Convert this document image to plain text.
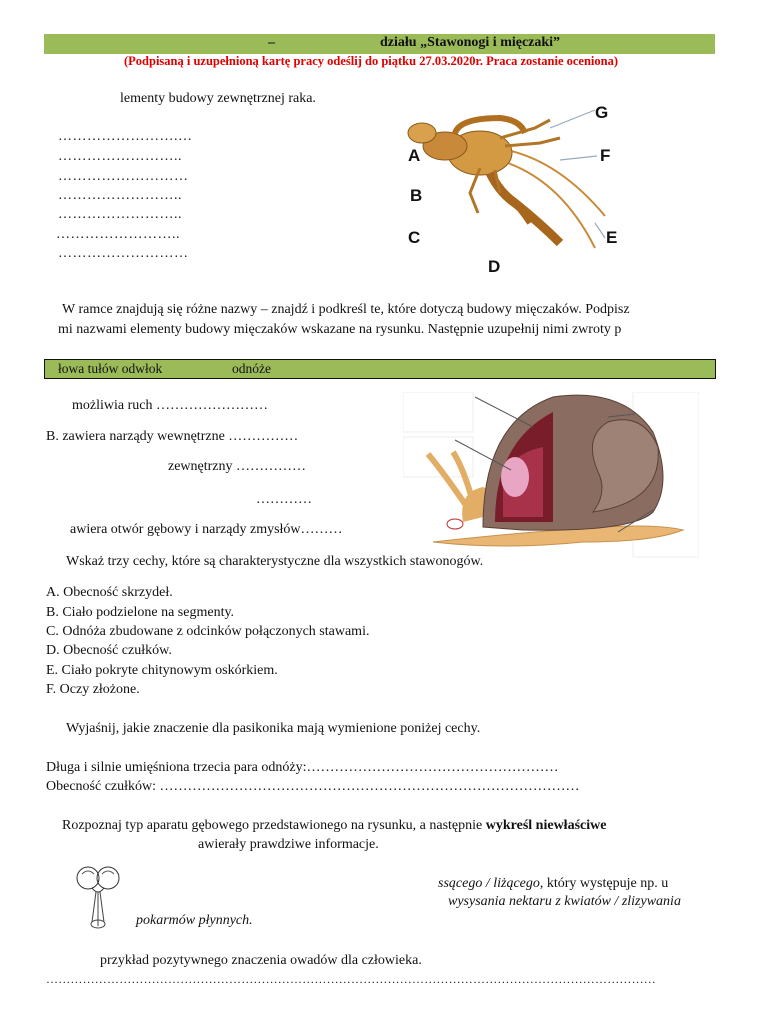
–	działu „Stawonogi i mięczaki”
(Podpisaną i uzupełnioną kartę pracy odeślij do piątku 27.03.2020r. Praca zostanie oceniona)
lementy budowy zewnętrznej raka.
…………………….…
……………………..
………………………
……………………..
……………………..
……………………..
………………………
A
B
C
D
E
F
G
W ramce znajdują się różne nazwy – znajdź i podkreśl te, które dotyczą budowy mięczaków. Podpisz
mi nazwami elementy budowy mięczaków wskazane na rysunku. Następnie uzupełnij nimi zwroty p
łowa tułów odwłok	odnóże
możliwia ruch ……………………
B. zawiera narządy wewnętrzne ……………
zewnętrzny ……………
…………
awiera otwór gębowy i narządy zmysłów………
Wskaż trzy cechy, które są charakterystyczne dla wszystkich stawonogów.
A. Obecność skrzydeł.
B. Ciało podzielone na segmenty.
C. Odnóża zbudowane z odcinków połączonych stawami.
D. Obecność czułków.
E. Ciało pokryte chitynowym oskórkiem.
F. Oczy złożone.
Wyjaśnij, jakie znaczenie dla pasikonika mają wymienione poniżej cechy.
Długa i silnie umięśniona trzecia para odnóży:………………………………………………
Obecność czułków: ………………………………………………………………………………
Rozpoznaj typ aparatu gębowego przedstawionego na rysunku, a następnie wykreśl niewłaściwe
awierały prawdziwe informacje.
ssącego / liżącego, który występuje np. u
wysysania nektaru z kwiatów / zlizywania
pokarmów płynnych.
przykład pozytywnego znaczenia owadów dla człowieka.
……………………………………………………………………………………………………………………………………
